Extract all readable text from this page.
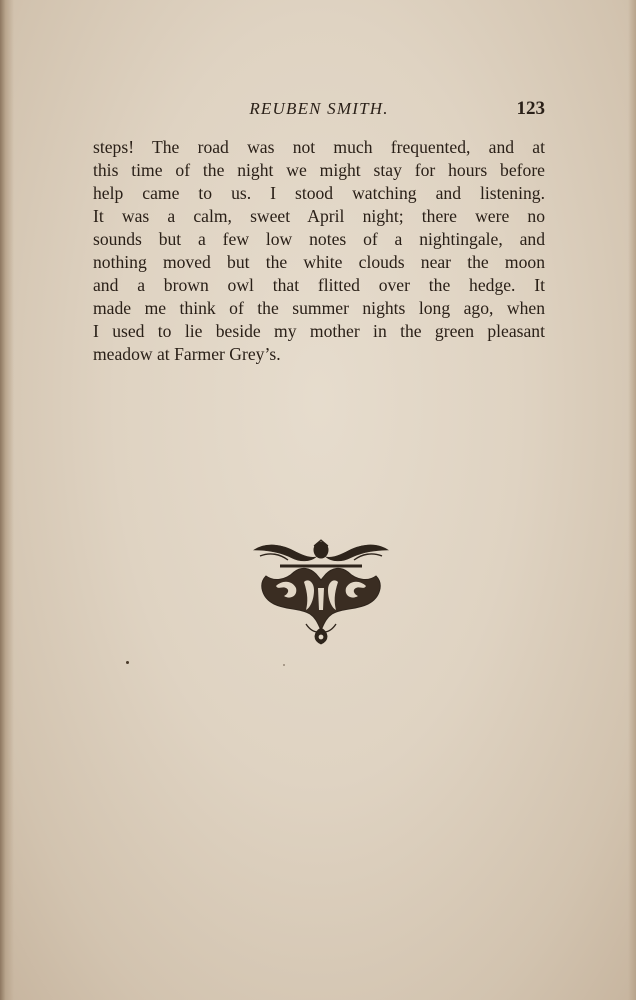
REUBEN SMITH.	123

steps! The road was not much frequented, and at
this time of the night we might stay for hours before
help came to us. I stood watching and listening.
It was a calm, sweet April night; there were no
sounds but a few low notes of a nightingale, and
nothing moved but the white clouds near the moon
and a brown owl that flitted over the hedge. It
made me think of the summer nights long ago, when
I used to lie beside my mother in the green pleasant
meadow at Farmer Grey’s.
